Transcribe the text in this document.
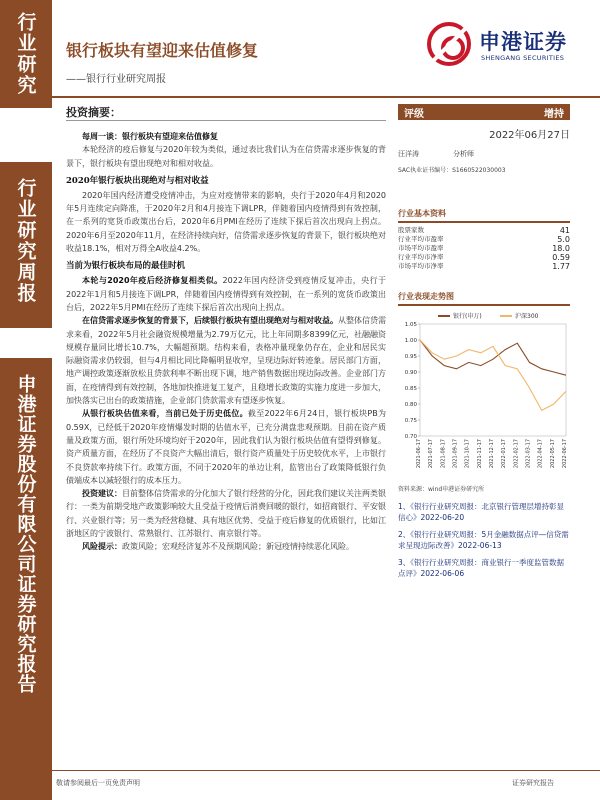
行业研究
行业研究周报
申港证券股份有限公司证券研究报告
银行板块有望迎来估值修复
——银行行业研究周报
申港证券
SHENGANG SECURITIES
投资摘要：

每周一谈：银行板块有望迎来估值修复

本轮经济的疫后修复与2020年较为类似，通过表比我们认为在信贷需求逐步恢复的背景下，银行板块有望出现绝对和相对收益。

2020年银行板块出现绝对与相对收益

2020年国内经济遭受疫情冲击，为应对疫情带来的影响，央行于2020年4月和2020年5月连续定向降准，于2020年2月和4月接连下调LPR，伴随着国内疫情得到有效控制，在一系列的宽货币政策出台后，2020年6月PMI在经历了连续下探后首次出现向上拐点。2020年6月至2020年11月，在经济持续向好，信贷需求逐步恢复的背景下，银行板块绝对收益18.1%，相对万得全A收益4.2%。

当前为银行板块布局的最佳时机

本轮与2020年疫后经济修复相类似。2022年国内经济受到疫情反复冲击，央行于2022年1月和5月接连下调LPR，伴随着国内疫情得到有效控制，在一系列的宽货币政策出台后，2022年5月PMI在经历了连续下探后首次出现向上拐点。

在信贷需求逐步恢复的背景下，后续银行板块有望出现绝对与相对收益。从整体信贷需求来看，2022年5月社会融资规模增量为2.79万亿元，比上年同期多8399亿元，社融融资规模存量同比增长10.7%，大幅超预期。结构来看，表格冲量现象仍存在，企业和居民实际融资需求仍较弱，但与4月相比同比降幅明显收窄，呈现边际好转迹象。居民部门方面，地产调控政策逐渐放松且贷款利率不断出现下调，地产销售数据出现边际改善。企业部门方面，在疫情得到有效控制，各地加快推进复工复产，且稳增长政策的实施力度进一步加大，加快落实已出台的政策措施，企业部门贷款需求有望逐步恢复。

从银行板块估值来看，当前已处于历史低位。截至2022年6月24日，银行板块PB为0.59X，已经低于2020年疫情爆发时期的估值水平，已充分满盘悲观预期。目前在资产质量及政策方面，银行所处环境均好于2020年，因此我们认为银行板块估值有望得到修复。资产质量方面，在经历了不良资产大幅出清后，银行资产质量处于历史较优水平，上市银行不良贷款率持续下行。政策方面，不同于2020年的单边让利，监管出台了政策降低银行负债端成本以减轻银行的成本压力。

投资建议：目前整体信贷需求的分化加大了银行经营的分化，因此我们建议关注两类银行：一类为前期受地产政策影响较大且受益于疫情后消费回暖的银行，如招商银行、平安银行、兴业银行等；另一类为经营稳健、具有地区优势、受益于疫后修复的优质银行，比如江浙地区的宁波银行、常熟银行、江苏银行、南京银行等。

风险提示：政策风险；宏观经济复苏不及预期风险；新冠疫情持续恶化风险。

评级	增持
2022年06月27日
汪洋涛	分析师
SAC执业证书编号：S1660522030003
行业基本资料
股票家数	41
行业平均市盈率	5.0
市场平均市盈率	18.0
行业平均市净率	0.59
市场平均市净率	1.77
行业表现走势图
1.05
1.00
0.95
0.90
0.85
0.80
0.75
0.70
2021-06-17 2021-07-17 2021-08-17 2021-09-17 2021-10-17 2021-11-17 2021-12-17 2022-01-17 2022-02-17 2022-03-17 2022-04-17 2022-05-17 2022-06-17
银行(申万)	沪深300
资料来源：wind申港证券研究所
1、《银行行业研究周报：北京银行管理层增持彰显信心》2022-06-20
2、《银行行业研究周报：5月金融数据点评—信贷需求呈现边际改善》2022-06-13
3、《银行行业研究周报：商业银行一季度监管数据点评》2022-06-06
敬请参阅最后一页免责声明	证券研究报告
